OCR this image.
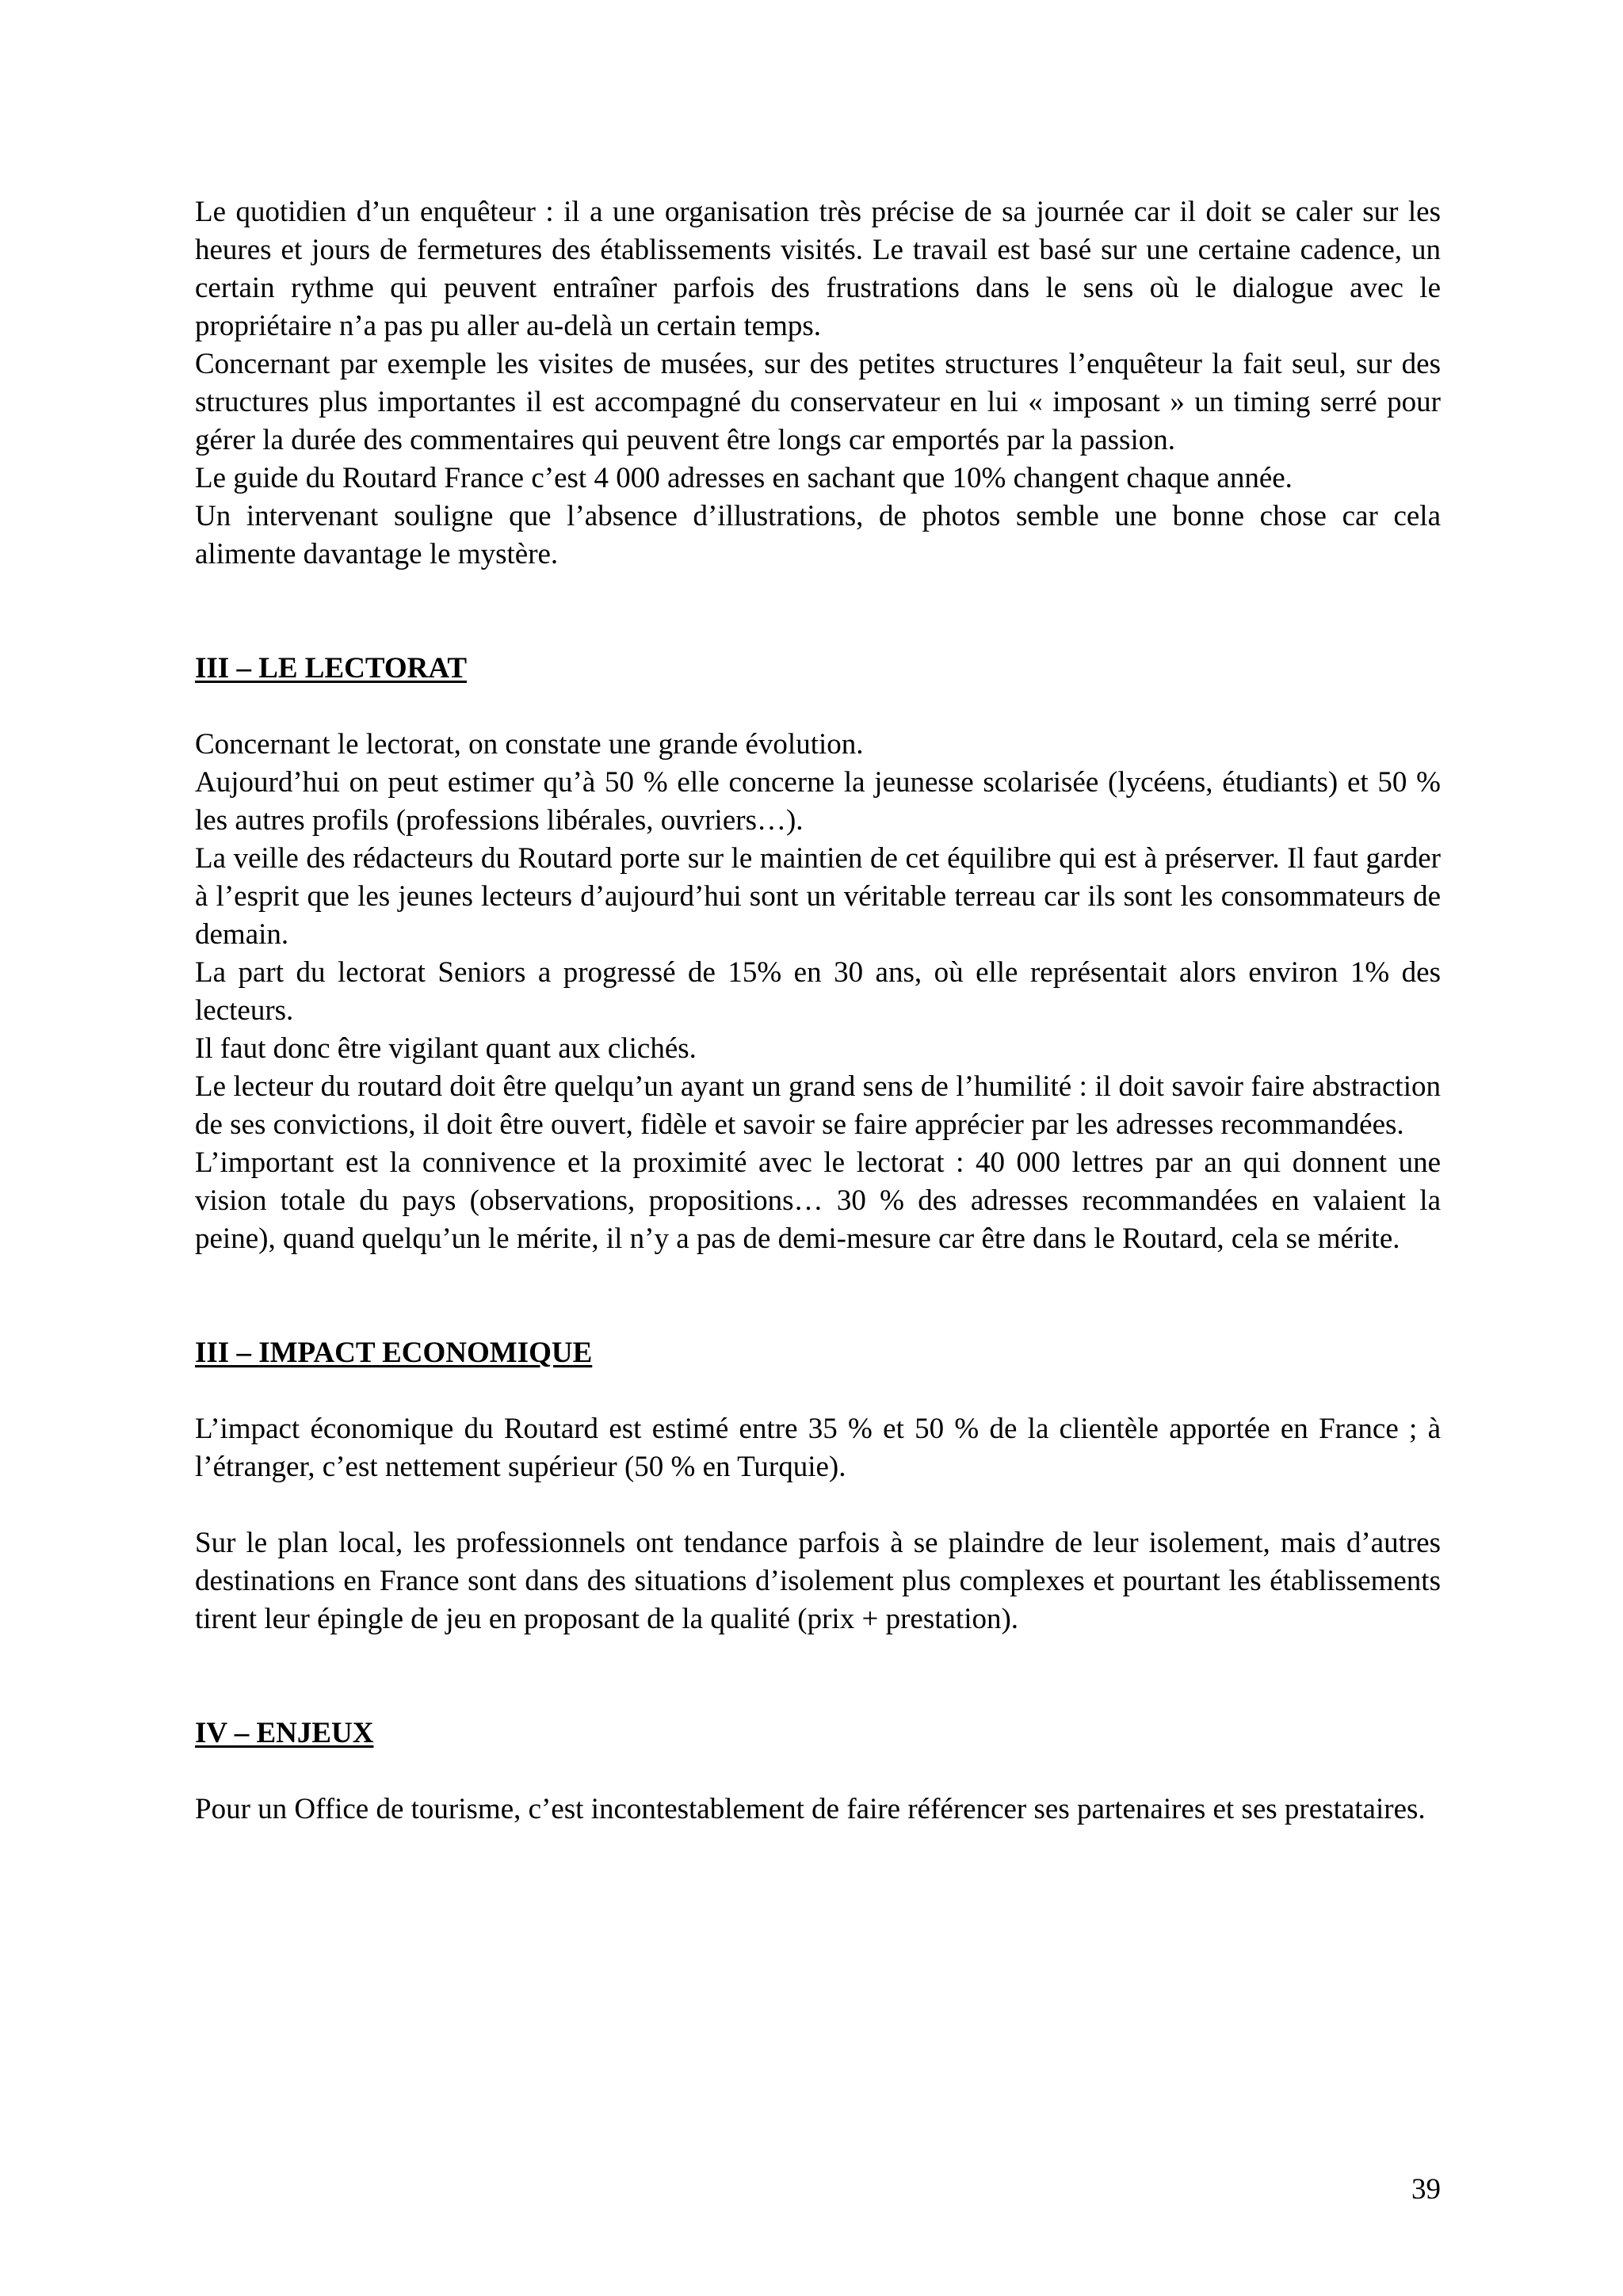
Le quotidien d’un enquêteur : il a une organisation très précise de sa journée car il doit se caler sur les heures et jours de fermetures des établissements visités. Le travail est basé sur une certaine cadence, un certain rythme qui peuvent entraîner parfois des frustrations dans le sens où le dialogue avec le propriétaire n’a pas pu aller au-delà un certain temps.

Concernant par exemple les visites de musées, sur des petites structures l’enquêteur la fait seul, sur des structures plus importantes il est accompagné du conservateur en lui « imposant » un timing serré pour gérer la durée des commentaires qui peuvent être longs car emportés par la passion.

Le guide du Routard France c’est 4 000 adresses en sachant que 10% changent chaque année.

Un intervenant souligne que l’absence d’illustrations, de photos semble une bonne chose car cela alimente davantage le mystère.

III – LE LECTORAT

Concernant le lectorat, on constate une grande évolution.

Aujourd’hui on peut estimer qu’à 50 % elle concerne la jeunesse scolarisée (lycéens, étudiants) et 50 % les autres profils (professions libérales, ouvriers…).

La veille des rédacteurs du Routard porte sur le maintien de cet équilibre qui est à préserver. Il faut garder à l’esprit que les jeunes lecteurs d’aujourd’hui sont un véritable terreau car ils sont les consommateurs de demain.

La part du lectorat Seniors a progressé de 15% en 30 ans, où elle représentait alors environ 1% des lecteurs.

Il faut donc être vigilant quant aux clichés.

Le lecteur du routard doit être quelqu’un ayant un grand sens de l’humilité : il doit savoir faire abstraction de ses convictions, il doit être ouvert, fidèle et savoir se faire apprécier par les adresses recommandées.

L’important est la connivence et la proximité avec le lectorat : 40 000 lettres par an qui donnent une vision totale du pays (observations, propositions… 30 % des adresses recommandées en valaient la peine), quand quelqu’un le mérite, il n’y a pas de demi-mesure car être dans le Routard, cela se mérite.

III – IMPACT ECONOMIQUE

L’impact économique du Routard est estimé entre 35 % et 50 % de la clientèle apportée en France ; à l’étranger, c’est nettement supérieur (50 % en Turquie).

Sur le plan local, les professionnels ont tendance parfois à se plaindre de leur isolement, mais d’autres destinations en France sont dans des situations d’isolement plus complexes et pourtant les établissements tirent leur épingle de jeu en proposant de la qualité (prix + prestation).

IV – ENJEUX

Pour un Office de tourisme, c’est incontestablement de faire référencer ses partenaires et ses prestataires.

39
